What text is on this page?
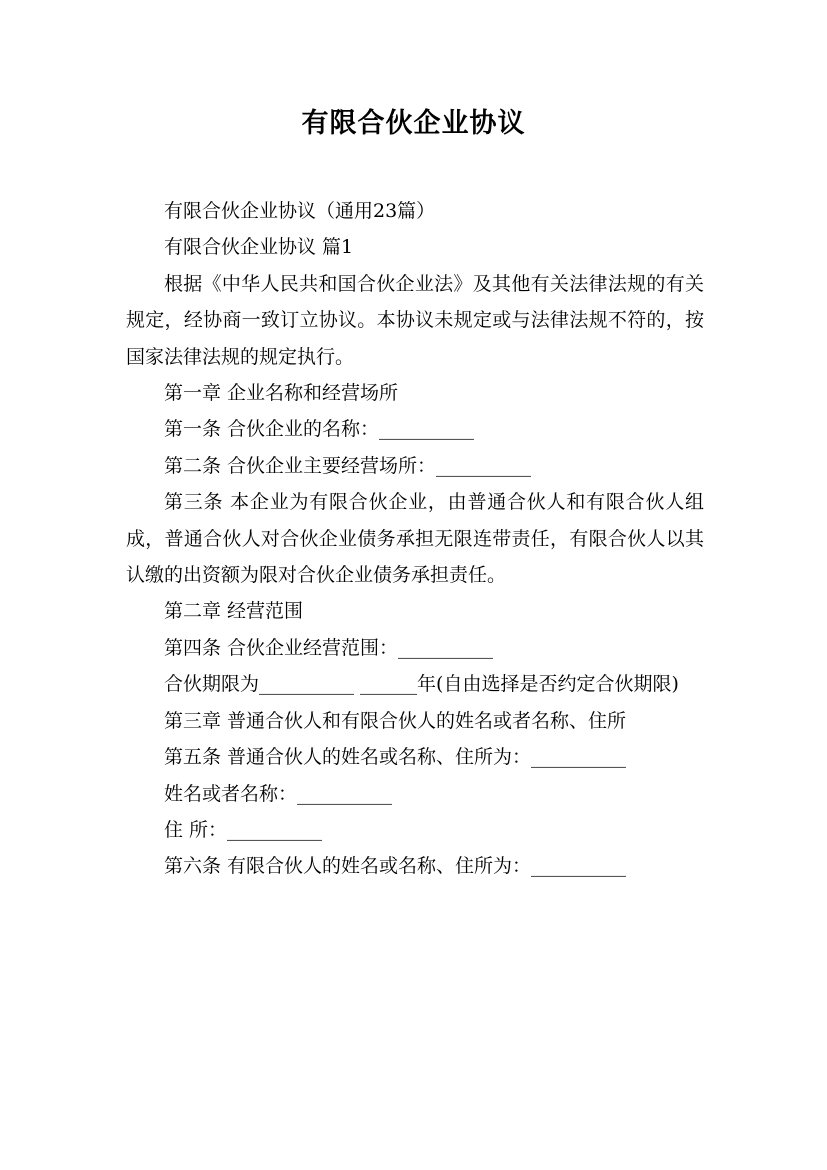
有限合伙企业协议

有限合伙企业协议（通用23篇）

有限合伙企业协议 篇1

根据《中华人民共和国合伙企业法》及其他有关法律法规的有关规定，经协商一致订立协议。本协议未规定或与法律法规不符的，按国家法律法规的规定执行。

第一章 企业名称和经营场所

第一条 合伙企业的名称：__________

第二条 合伙企业主要经营场所：__________

第三条 本企业为有限合伙企业，由普通合伙人和有限合伙人组成，普通合伙人对合伙企业债务承担无限连带责任，有限合伙人以其认缴的出资额为限对合伙企业债务承担责任。

第二章 经营范围

第四条 合伙企业经营范围：__________

合伙期限为__________ ______年(自由选择是否约定合伙期限)

第三章 普通合伙人和有限合伙人的姓名或者名称、住所

第五条 普通合伙人的姓名或名称、住所为：__________

姓名或者名称：__________

住 所：__________

第六条 有限合伙人的姓名或名称、住所为：__________
